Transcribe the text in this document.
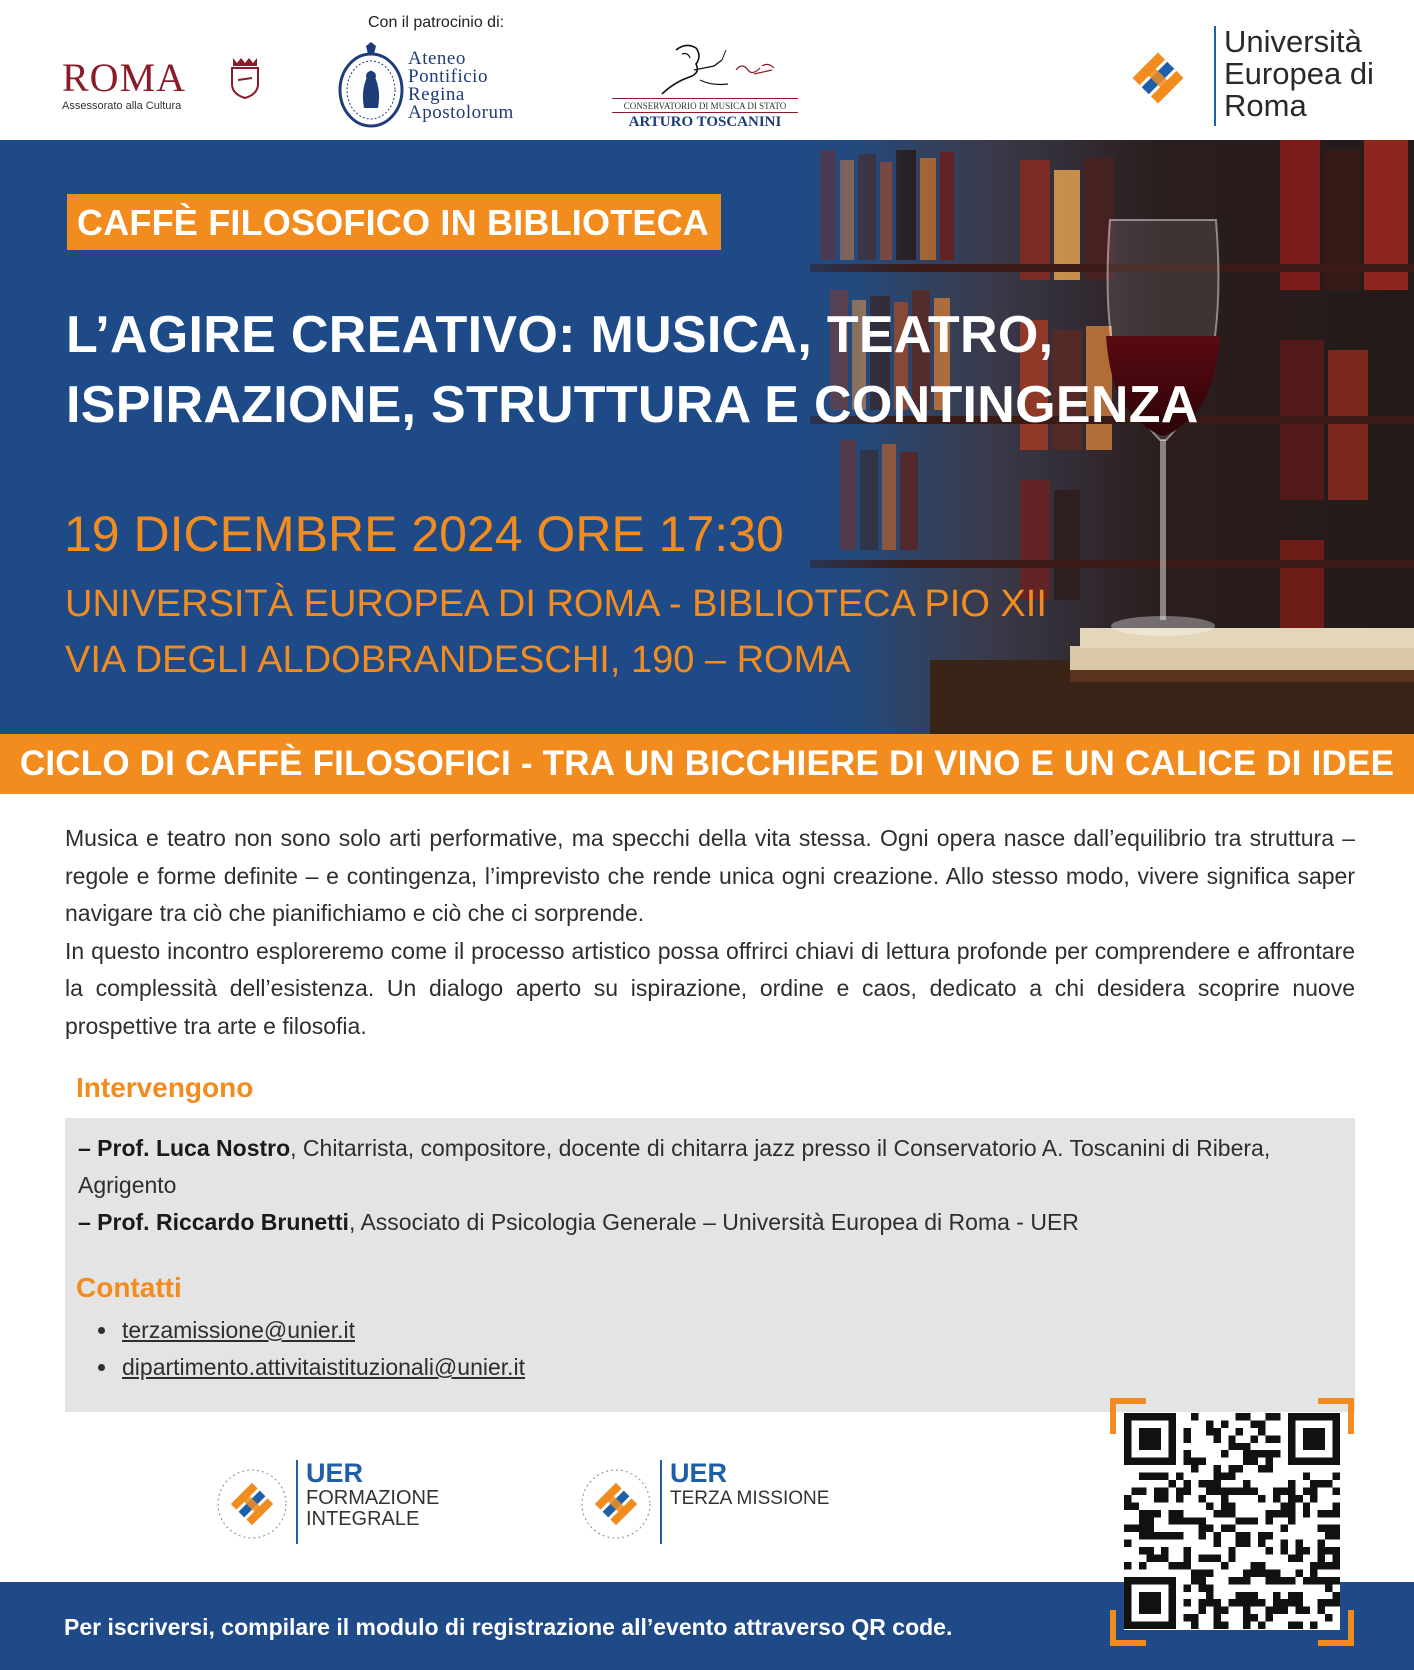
ROMA
Assessorato alla Cultura
Con il patrocinio di:
Ateneo
Pontificio
Regina
Apostolorum	CONSERVATORIO DI MUSICA DI STATO
ARTURO TOSCANINI
Università
Europea di
Roma
CAFFÈ FILOSOFICO IN BIBLIOTECA
L’AGIRE CREATIVO: MUSICA, TEATRO,
ISPIRAZIONE, STRUTTURA E CONTINGENZA
19 DICEMBRE 2024 ORE 17:30
UNIVERSITÀ EUROPEA DI ROMA - BIBLIOTECA PIO XII
VIA DEGLI ALDOBRANDESCHI, 190 – ROMA
CICLO DI CAFFÈ FILOSOFICI - TRA UN BICCHIERE DI VINO E UN CALICE DI IDEE

Musica e teatro non sono solo arti performative, ma specchi della vita stessa. Ogni opera nasce dall’equilibrio tra struttura – regole e forme definite – e contingenza, l’imprevisto che rende unica ogni creazione. Allo stesso modo, vivere significa saper navigare tra ciò che pianifichiamo e ciò che ci sorprende.

In questo incontro esploreremo come il processo artistico possa offrirci chiavi di lettura profonde per comprendere e affrontare la complessità dell’esistenza. Un dialogo aperto su ispirazione, ordine e caos, dedicato a chi desidera scoprire nuove prospettive tra arte e filosofia.

Intervengono
– Prof. Luca Nostro, Chitarrista, compositore, docente di chitarra jazz presso il Conservatorio A. Toscanini di Ribera, Agrigento
– Prof. Riccardo Brunetti, Associato di Psicologia Generale – Università Europea di Roma - UER
Contatti
terzamissione@unier.it
dipartimento.attivitaistituzionali@unier.it
UER
FORMAZIONE
INTEGRALE
UER
TERZA MISSIONE
Per iscriversi, compilare il modulo di registrazione all’evento attraverso QR code.
